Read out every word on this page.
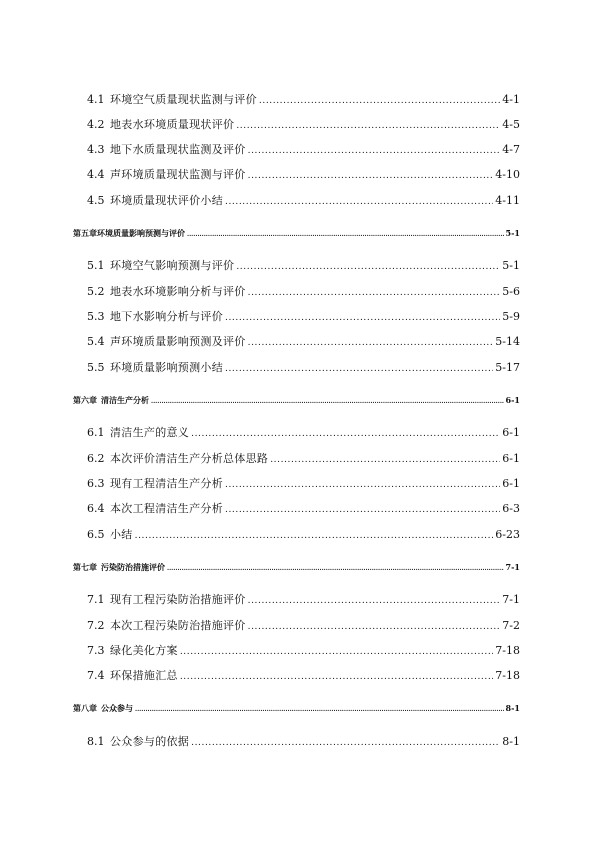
4.1 环境空气质量现状监测与评价 .....	4-1
4.2 地表水环境质量现状评价 .....	4-5
4.3 地下水质量现状监测及评价 .....	4-7
4.4 声环境质量现状监测与评价 .....	4-10
4.5 环境质量现状评价小结 .....	4-11
第五章环境质量影响预测与评价 .....	5-1
5.1 环境空气影响预测与评价 .....	5-1
5.2 地表水环境影响分析与评价 .....	5-6
5.3 地下水影响分析与评价 .....	5-9
5.4 声环境质量影响预测及评价 .....	5-14
5.5 环境质量影响预测小结 .....	5-17
第六章 清洁生产分析 .....	6-1
6.1 清洁生产的意义 .....	6-1
6.2 本次评价清洁生产分析总体思路 .....	6-1
6.3 现有工程清洁生产分析 .....	6-1
6.4 本次工程清洁生产分析 .....	6-3
6.5 小结 .....	6-23
第七章 污染防治措施评价 .....	7-1
7.1 现有工程污染防治措施评价 .....	7-1
7.2 本次工程污染防治措施评价 .....	7-2
7.3 绿化美化方案 .....	7-18
7.4 环保措施汇总 .....	7-18
第八章 公众参与 .....	8-1
8.1 公众参与的依据 .....	8-1
